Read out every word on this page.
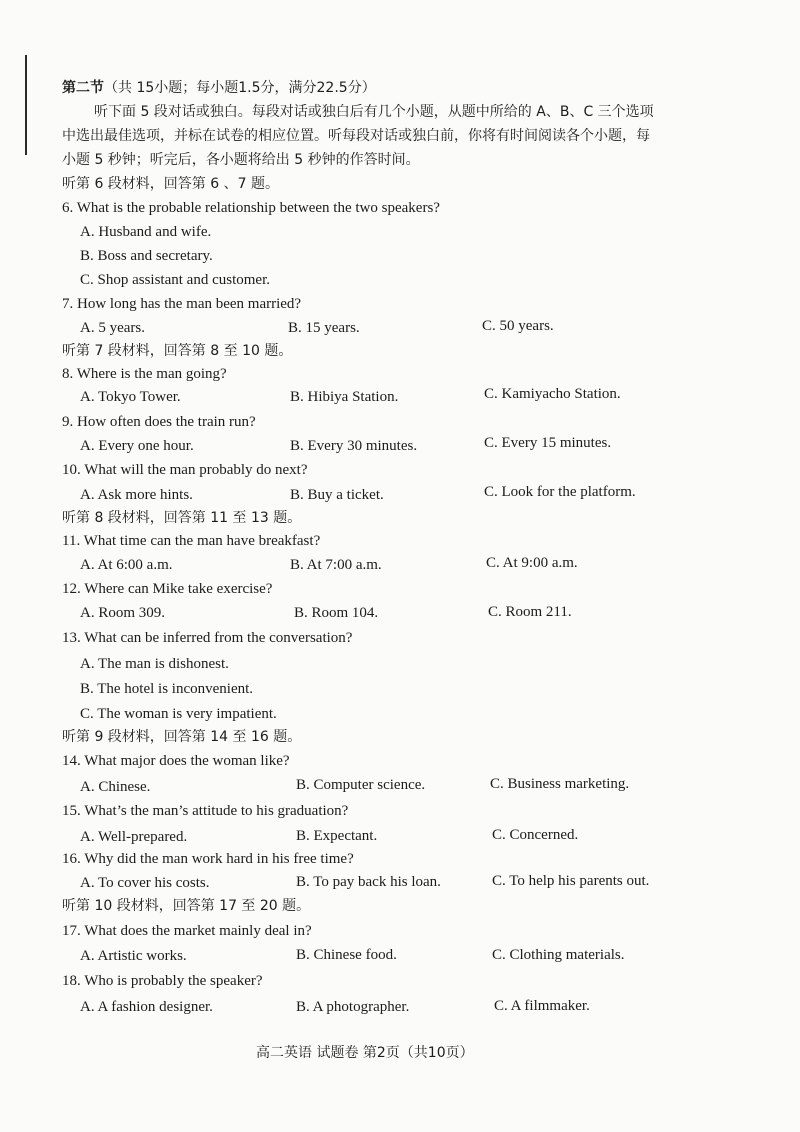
第二节（共 15小题；每小题1.5分，满分22.5分）
听下面 5 段对话或独白。每段对话或独白后有几个小题，从题中所给的 A、B、C 三个选项
中选出最佳选项，并标在试卷的相应位置。听每段对话或独白前，你将有时间阅读各个小题，每
小题 5 秒钟；听完后，各小题将给出 5 秒钟的作答时间。
听第 6 段材料，回答第 6 、7 题。
6. What is the probable relationship between the two speakers?
A. Husband and wife.
B. Boss and secretary.
C. Shop assistant and customer.
7. How long has the man been married?
A. 5 years.	B. 15 years.	C. 50 years.
听第 7 段材料，回答第 8 至 10 题。
8. Where is the man going?
A. Tokyo Tower.	B. Hibiya Station.	C. Kamiyacho Station.
9. How often does the train run?
A. Every one hour.	B. Every 30 minutes.	C. Every 15 minutes.
10. What will the man probably do next?
A. Ask more hints.	B. Buy a ticket.	C. Look for the platform.
听第 8 段材料，回答第 11 至 13 题。
11. What time can the man have breakfast?
A. At 6:00 a.m.	B. At 7:00 a.m.	C. At 9:00 a.m.
12. Where can Mike take exercise?
A. Room 309.	B. Room 104.	C. Room 211.
13. What can be inferred from the conversation?
A. The man is dishonest.
B. The hotel is inconvenient.
C. The woman is very impatient.
听第 9 段材料，回答第 14 至 16 题。
14. What major does the woman like?
A. Chinese.	B. Computer science.	C. Business marketing.
15. What’s the man’s attitude to his graduation?
A. Well-prepared.	B. Expectant.	C. Concerned.
16. Why did the man work hard in his free time?
A. To cover his costs.	B. To pay back his loan.	C. To help his parents out.
听第 10 段材料，回答第 17 至 20 题。
17. What does the market mainly deal in?
A. Artistic works.	B. Chinese food.	C. Clothing materials.
18. Who is probably the speaker?
A. A fashion designer.	B. A photographer.	C. A filmmaker.
高二英语 试题卷 第2页（共10页）
